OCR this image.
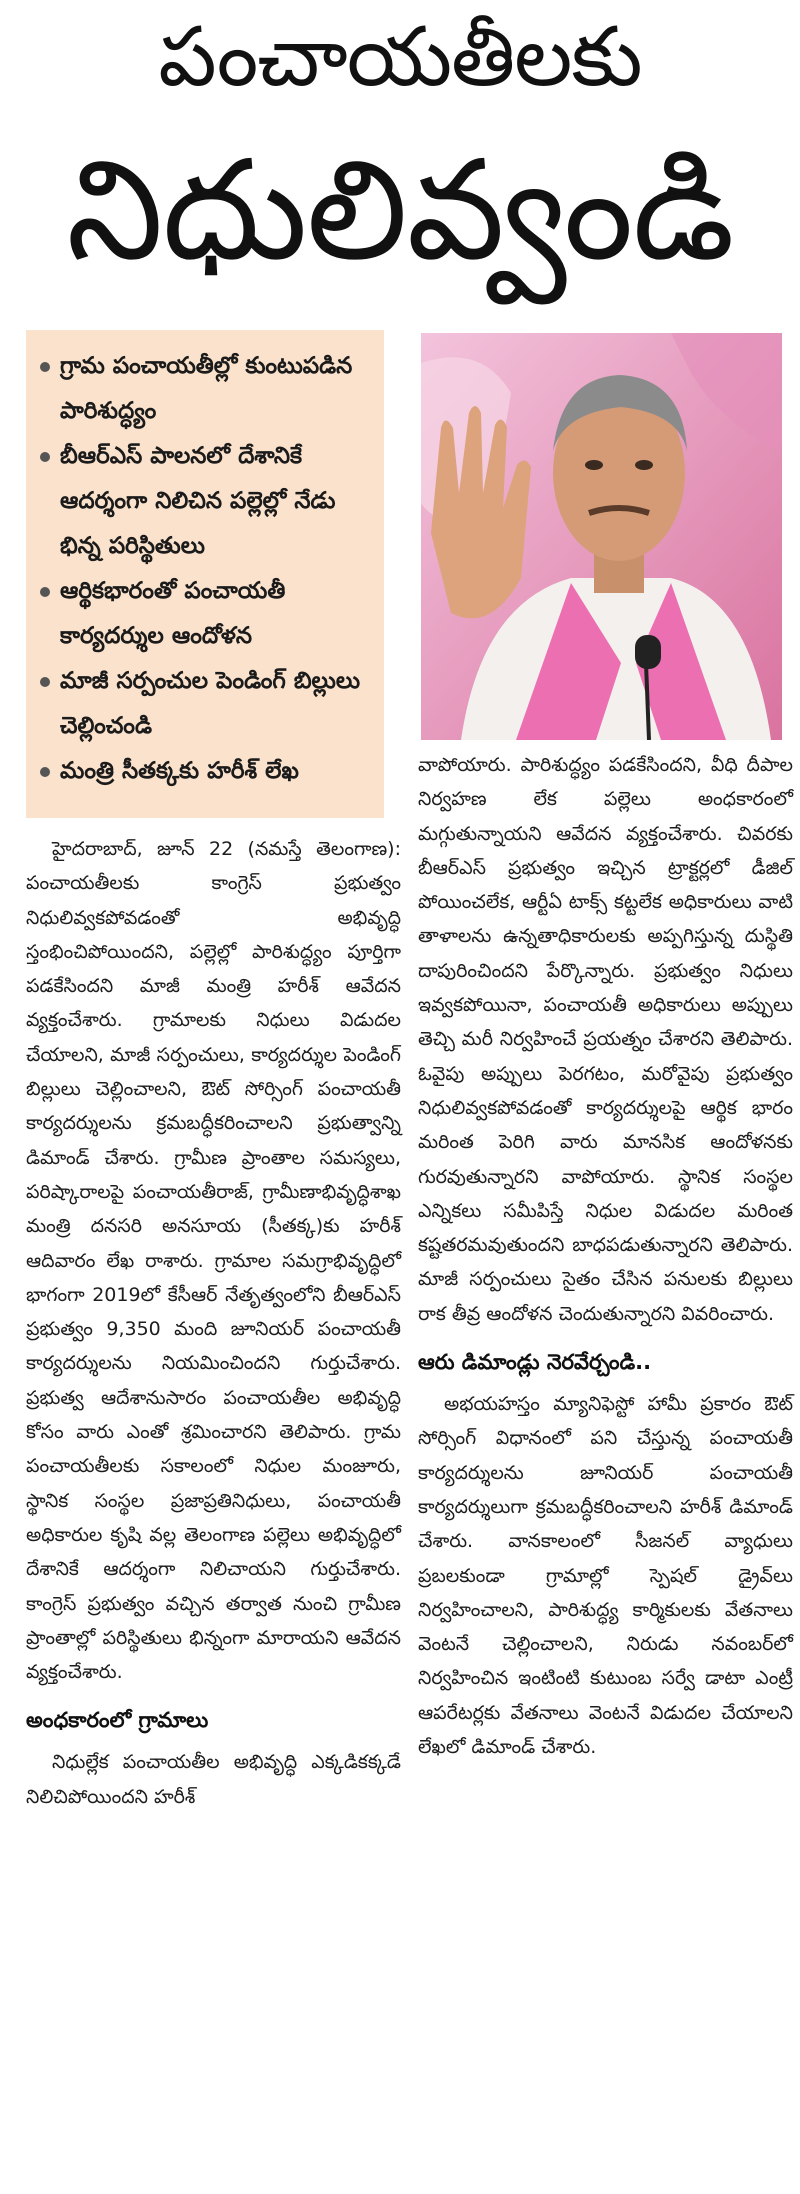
పంచాయతీలకు
నిధులివ్వండి
గ్రామ పంచాయతీల్లో కుంటుపడిన పారిశుద్ధ్యం
బీఆర్‌ఎస్ పాలనలో దేశానికే ఆదర్శంగా నిలిచిన పల్లెల్లో నేడు భిన్న పరిస్థితులు
ఆర్థికభారంతో పంచాయతీ కార్యదర్శుల ఆందోళన
మాజీ సర్పంచుల పెండింగ్ బిల్లులు చెల్లించండి
మంత్రి సీతక్కకు హరీశ్ లేఖ

హైదరాబాద్, జూన్ 22 (నమస్తే తెలంగాణ): పంచాయతీలకు కాంగ్రెస్ ప్రభుత్వం నిధులివ్వకపోవడంతో అభివృద్ధి స్తంభించిపోయిందని, పల్లెల్లో పారిశుద్ధ్యం పూర్తిగా పడకేసిందని మాజీ మంత్రి హరీశ్ ఆవేదన వ్యక్తంచేశారు. గ్రామాలకు నిధులు విడుదల చేయాలని, మాజీ సర్పంచులు, కార్యదర్శుల పెండింగ్ బిల్లులు చెల్లించాలని, ఔట్ సోర్సింగ్ పంచాయతీ కార్యదర్శులను క్రమబద్ధీకరించాలని ప్రభుత్వాన్ని డిమాండ్ చేశారు. గ్రామీణ ప్రాంతాల సమస్యలు, పరిష్కారాలపై పంచాయతీరాజ్, గ్రామీణాభివృద్ధిశాఖ మంత్రి దనసరి అనసూయ (సీతక్క)కు హరీశ్ ఆదివారం లేఖ రాశారు. గ్రామాల సమగ్రాభివృద్ధిలో భాగంగా 2019లో కేసీఆర్ నేతృత్వంలోని బీఆర్ఎస్ ప్రభుత్వం 9,350 మంది జూనియర్ పంచాయతీ కార్యదర్శులను నియమించిందని గుర్తుచేశారు. ప్రభుత్వ ఆదేశానుసారం పంచాయతీల అభివృద్ధి కోసం వారు ఎంతో శ్రమించారని తెలిపారు. గ్రామ పంచాయతీలకు సకాలంలో నిధుల మంజూరు, స్థానిక సంస్థల ప్రజాప్రతినిధులు, పంచాయతీ అధికారుల కృషి వల్ల తెలంగాణ పల్లెలు అభివృద్ధిలో దేశానికే ఆదర్శంగా నిలిచాయని గుర్తుచేశారు. కాంగ్రెస్ ప్రభుత్వం వచ్చిన తర్వాత నుంచి గ్రామీణ ప్రాంతాల్లో పరిస్థితులు భిన్నంగా మారాయని ఆవేదన వ్యక్తంచేశారు.

అంధకారంలో గ్రామాలు

నిధుల్లేక పంచాయతీల అభివృద్ధి ఎక్కడికక్కడే నిలిచిపోయిందని హరీశ్

వాపోయారు. పారిశుద్ధ్యం పడకేసిందని, వీధి దీపాల నిర్వహణ లేక పల్లెలు అంధకారంలో మగ్గుతున్నాయని ఆవేదన వ్యక్తంచేశారు. చివరకు బీఆర్ఎస్ ప్రభుత్వం ఇచ్చిన ట్రాక్టర్లలో డీజిల్ పోయించలేక, ఆర్టీఏ టాక్స్ కట్టలేక అధికారులు వాటి తాళాలను ఉన్నతాధికారులకు అప్పగిస్తున్న దుస్థితి దాపురించిందని పేర్కొన్నారు. ప్రభుత్వం నిధులు ఇవ్వకపోయినా, పంచాయతీ అధికారులు అప్పులు తెచ్చి మరీ నిర్వహించే ప్రయత్నం చేశారని తెలిపారు. ఓవైపు అప్పులు పెరగటం, మరోవైపు ప్రభుత్వం నిధులివ్వకపోవడంతో కార్యదర్శులపై ఆర్థిక భారం మరింత పెరిగి వారు మానసిక ఆందోళనకు గురవుతున్నారని వాపోయారు. స్థానిక సంస్థల ఎన్నికలు సమీపిస్తే నిధుల విడుదల మరింత కష్టతరమవుతుందని బాధపడుతున్నారని తెలిపారు. మాజీ సర్పంచులు సైతం చేసిన పనులకు బిల్లులు రాక తీవ్ర ఆందోళన చెందుతున్నారని వివరించారు.

ఆరు డిమాండ్లు నెరవేర్చండి..

అభయహస్తం మ్యానిఫెస్టో హామీ ప్రకారం ఔట్ సోర్సింగ్ విధానంలో పని చేస్తున్న పంచాయతీ కార్యదర్శులను జూనియర్ పంచాయతీ కార్యదర్శులుగా క్రమబద్ధీకరించాలని హరీశ్ డిమాండ్ చేశారు. వానకాలంలో సీజనల్ వ్యాధులు ప్రబలకుండా గ్రామాల్లో స్పెషల్ డ్రైవ్‌లు నిర్వహించాలని, పారిశుద్ధ్య కార్మికులకు వేతనాలు వెంటనే చెల్లించాలని, నిరుడు నవంబర్‌లో నిర్వహించిన ఇంటింటి కుటుంబ సర్వే డాటా ఎంట్రీ ఆపరేటర్లకు వేతనాలు వెంటనే విడుదల చేయాలని లేఖలో డిమాండ్ చేశారు.
